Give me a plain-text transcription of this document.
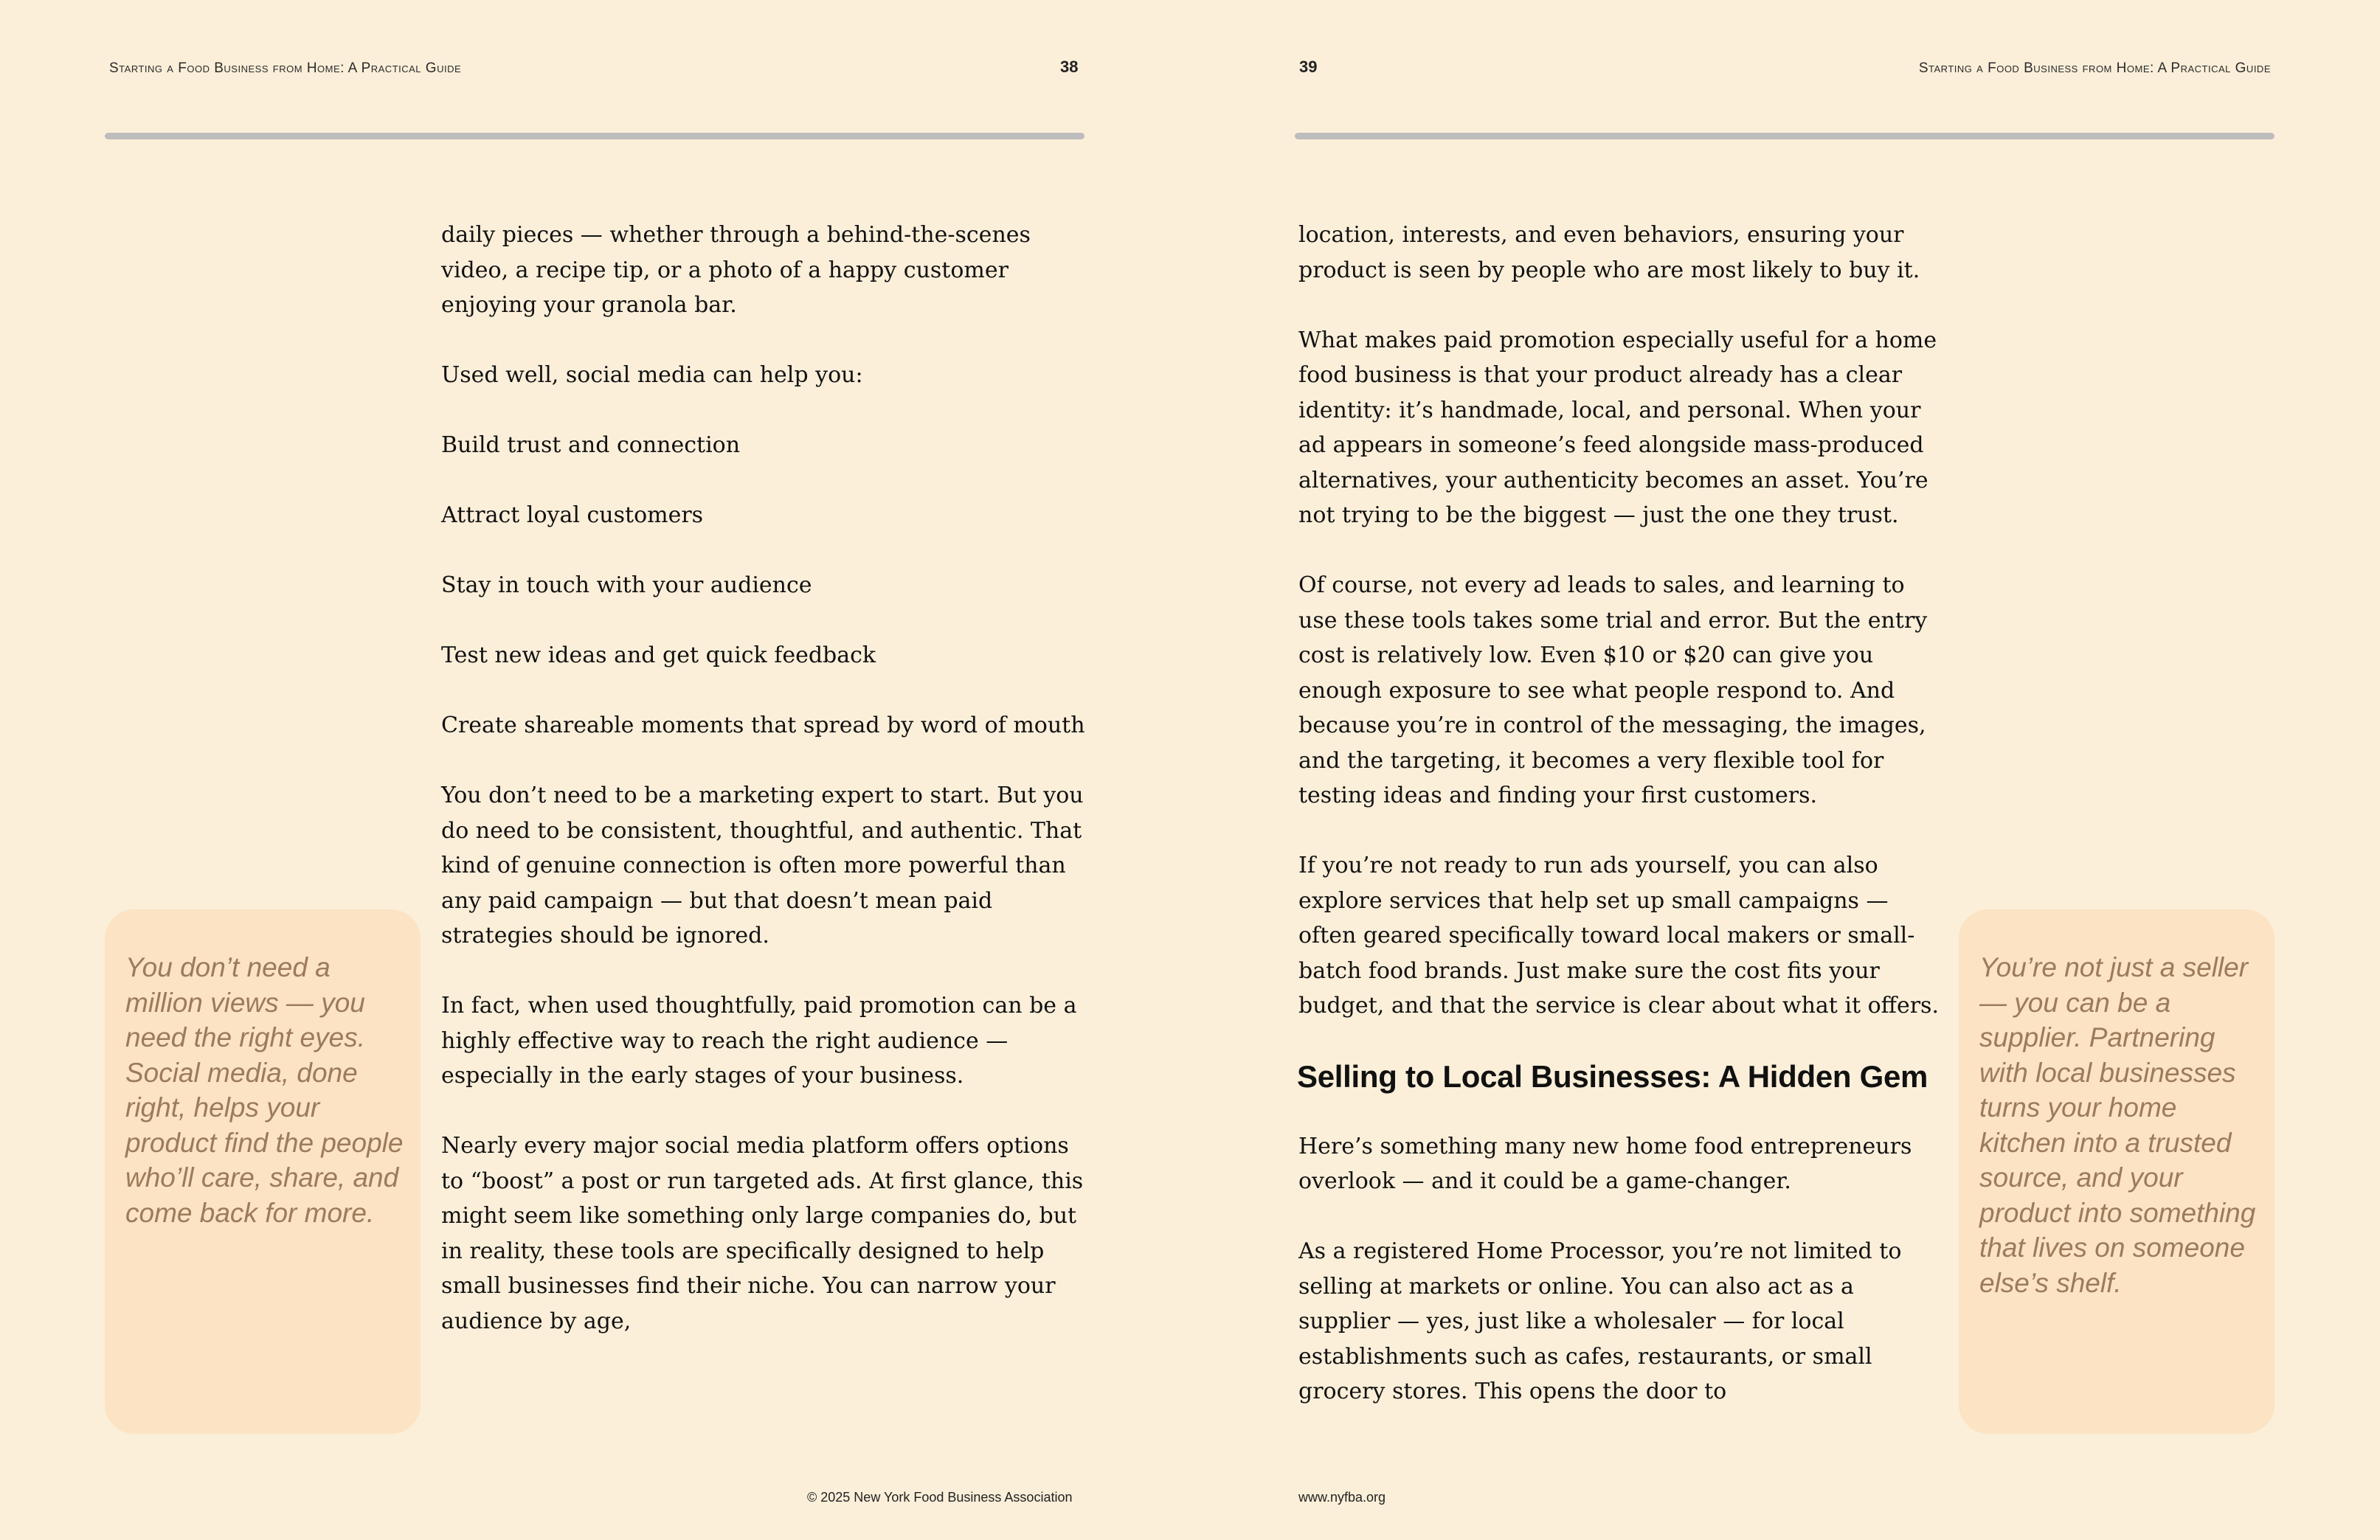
Starting a Food Business from Home: A Practical Guide	38

daily pieces — whether through a behind-the-scenes video, a recipe tip, or a photo of a happy customer enjoying your granola bar.

Used well, social media can help you:

Build trust and connection

Attract loyal customers

Stay in touch with your audience

Test new ideas and get quick feedback

Create shareable moments that spread by word of mouth

You don’t need to be a marketing expert to start. But you do need to be consistent, thoughtful, and authentic. That kind of genuine connection is often more powerful than any paid campaign — but that doesn’t mean paid strategies should be ignored.

In fact, when used thoughtfully, paid promotion can be a highly effective way to reach the right audience — especially in the early stages of your business.

Nearly every major social media platform offers options to “boost” a post or run targeted ads. At first glance, this might seem like something only large companies do, but in reality, these tools are specifically designed to help small businesses find their niche. You can narrow your audience by age,

You don’t need a million views — you need the right eyes. Social media, done right, helps your product find the people who’ll care, share, and come back for more.
© 2025 New York Food Business Association
39	Starting a Food Business from Home: A Practical Guide

location, interests, and even behaviors, ensuring your product is seen by people who are most likely to buy it.

What makes paid promotion especially useful for a home food business is that your product already has a clear identity: it’s handmade, local, and personal. When your ad appears in someone’s feed alongside mass-produced alternatives, your authenticity becomes an asset. You’re not trying to be the biggest — just the one they trust.

Of course, not every ad leads to sales, and learning to use these tools takes some trial and error. But the entry cost is relatively low. Even $10 or $20 can give you enough exposure to see what people respond to. And because you’re in control of the messaging, the images, and the targeting, it becomes a very flexible tool for testing ideas and finding your first customers.

If you’re not ready to run ads yourself, you can also explore services that help set up small campaigns — often geared specifically toward local makers or small-batch food brands. Just make sure the cost fits your budget, and that the service is clear about what it offers.

Selling to Local Businesses: A Hidden Gem

Here’s something many new home food entrepreneurs overlook — and it could be a game-changer.

As a registered Home Processor, you’re not limited to selling at markets or online. You can also act as a supplier — yes, just like a wholesaler — for local establishments such as cafes, restaurants, or small grocery stores. This opens the door to

You’re not just a seller — you can be a supplier. Partnering with local businesses turns your home kitchen into a trusted source, and your product into something that lives on someone else’s shelf.
www.nyfba.org
